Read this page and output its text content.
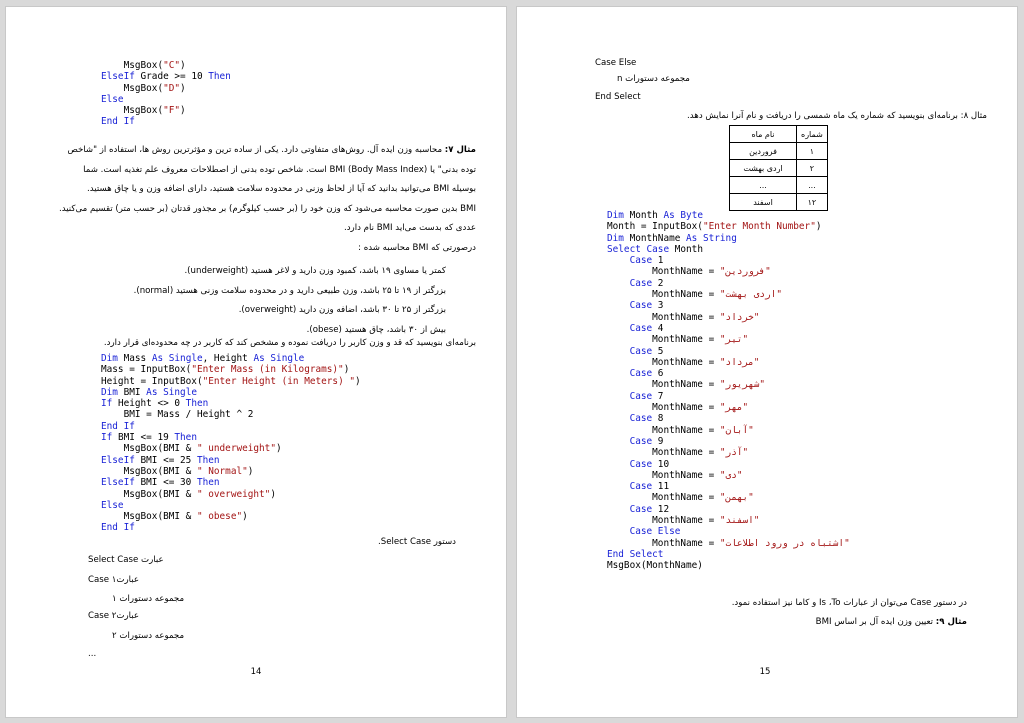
MsgBox("C")
ElseIf Grade >= 10 Then
MsgBox("D")
Else
MsgBox("F")
End If
مثال ۷: محاسبه وزن ایده آل. روش‌های متفاوتی دارد. یکی از ساده ترین و مؤثرترین روش ها، استفاده از "شاخص
توده بدنی" یا BMI (Body Mass Index) است. شاخص توده بدنی از اصطلاحات معروف علم تغذیه است. شما
بوسیله BMI می‌توانید بدانید که آیا از لحاظ وزنی در محدوده سلامت هستید، دارای اضافه وزن و یا چاق هستید.
BMI بدین صورت محاسبه می‌شود که وزن خود را (بر حسب کیلوگرم) بر مجذور قدتان (بر حسب متر) تقسیم می‌کنید.
عددی که بدست می‌اید BMI نام دارد.
درصورتی که BMI محاسبه شده :
کمتر یا مساوی ۱۹ باشد، کمبود وزن دارید و لاغر هستید (underweight).
بزرگتر از ۱۹ تا ۲۵ باشد، وزن طبیعی دارید و در محدوده سلامت وزنی هستید (normal).
بزرگتر از ۲۵ تا ۳۰ باشد، اضافه وزن دارید (overweight).
بیش از ۳۰ باشد، چاق هستید (obese).
برنامه‌ای بنویسید که قد و وزن کاربر را دریافت نموده و مشخص کند که کاربر در چه محدوده‌ای قرار دارد.
Dim Mass As Single, Height As Single
Mass = InputBox("Enter Mass (in Kilograms)")
Height = InputBox("Enter Height (in Meters) ")
Dim BMI As Single
If Height <> 0 Then
BMI = Mass / Height ^ 2
End If
If BMI <= 19 Then
MsgBox(BMI & " underweight")
ElseIf BMI <= 25 Then
MsgBox(BMI & " Normal")
ElseIf BMI <= 30 Then
MsgBox(BMI & " overweight")
Else
MsgBox(BMI & " obese")
End If
دستور Select Case.
Select Case عبارت
Case عبارت۱
مجموعه دستورات ۱
Case عبارت۲
مجموعه دستورات ۲
...
14
Case Else
مجموعه دستورات n
End Select
مثال ۸: برنامه‌ای بنویسید که شماره یک ماه شمسی را دریافت و نام آنرا نمایش دهد.
شماره	نام ماه
۱	فروردین
۲	اردی بهشت
...	...
۱۲	اسفند
Dim Month As Byte
Month = InputBox("Enter Month Number")
Dim MonthName As String
Select Case Month
Case 1
MonthName = "فروردین"
Case 2
MonthName = "اردی بهشت"
Case 3
MonthName = "خرداد"
Case 4
MonthName = "تیر"
Case 5
MonthName = "مرداد"
Case 6
MonthName = "شهریور"
Case 7
MonthName = "مهر"
Case 8
MonthName = "آبان"
Case 9
MonthName = "آذر"
Case 10
MonthName = "دی"
Case 11
MonthName = "بهمن"
Case 12
MonthName = "اسفند"
Case Else
MonthName = "اشتباه در ورود اطلاعات"
End Select
MsgBox(MonthName)
در دستور Case می‌توان از عبارات Is ،To و کاما نیز استفاده نمود.
مثال ۹: تعیین وزن ایده آل بر اساس BMI
15
